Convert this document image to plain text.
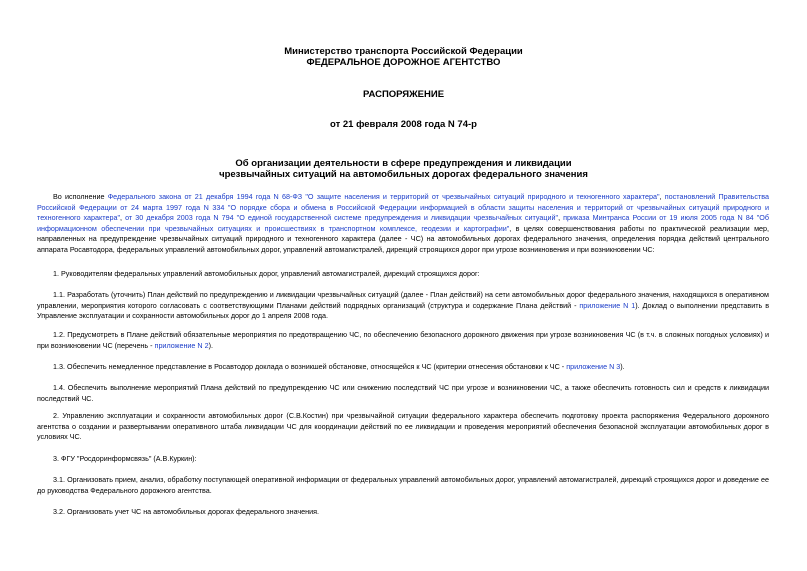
Министерство транспорта Российской Федерации
ФЕДЕРАЛЬНОЕ ДОРОЖНОЕ АГЕНТСТВО
РАСПОРЯЖЕНИЕ
от 21 февраля 2008 года N 74-р
Об организации деятельности в сфере предупреждения и ликвидации
чрезвычайных ситуаций на автомобильных дорогах федерального значения
Во исполнение Федерального закона от 21 декабря 1994 года N 68-ФЗ "О защите населения и территорий от чрезвычайных ситуаций природного и техногенного характера", постановлений Правительства Российской Федерации от 24 марта 1997 года N 334 "О порядке сбора и обмена в Российской Федерации информацией в области защиты населения и территорий от чрезвычайных ситуаций природного и техногенного характера", от 30 декабря 2003 года N 794 "О единой государственной системе предупреждения и ликвидации чрезвычайных ситуаций", приказа Минтранса России от 19 июля 2005 года N 84 "Об информационном обеспечении при чрезвычайных ситуациях и происшествиях в транспортном комплексе, геодезии и картографии", в целях совершенствования работы по практической реализации мер, направленных на предупреждение чрезвычайных ситуаций природного и техногенного характера (далее - ЧС) на автомобильных дорогах федерального значения, определения порядка действий центрального аппарата Росавтодора, федеральных управлений автомобильных дорог, управлений автомагистралей, дирекций строящихся дорог при угрозе возникновения и при возникновении ЧС:
1. Руководителям федеральных управлений автомобильных дорог, управлений автомагистралей, дирекций строящихся дорог:
1.1. Разработать (уточнить) План действий по предупреждению и ликвидации чрезвычайных ситуаций (далее - План действий) на сети автомобильных дорог федерального значения, находящихся в оперативном управлении, мероприятия которого согласовать с соответствующими Планами действий подрядных организаций (структура и содержание Плана действий - приложение N 1). Доклад о выполнении представить в Управление эксплуатации и сохранности автомобильных дорог до 1 апреля 2008 года.
1.2. Предусмотреть в Плане действий обязательные мероприятия по предотвращению ЧС, по обеспечению безопасного дорожного движения при угрозе возникновения ЧС (в т.ч. в сложных погодных условиях) и при возникновении ЧС (перечень - приложение N 2).
1.3. Обеспечить немедленное представление в Росавтодор доклада о возникшей обстановке, относящейся к ЧС (критерии отнесения обстановки к ЧС - приложение N 3).
1.4. Обеспечить выполнение мероприятий Плана действий по предупреждению ЧС или снижению последствий ЧС при угрозе и возникновении ЧС, а также обеспечить готовность сил и средств к ликвидации последствий ЧС.
2. Управлению эксплуатации и сохранности автомобильных дорог (С.В.Костин) при чрезвычайной ситуации федерального характера обеспечить подготовку проекта распоряжения Федерального дорожного агентства о создании и развертывании оперативного штаба ликвидации ЧС для координации действий по ее ликвидации и проведения мероприятий обеспечения безопасной эксплуатации автомобильных дорог в условиях ЧС.
3. ФГУ "Росдоринформсвязь" (А.В.Куркин):
3.1. Организовать прием, анализ, обработку поступающей оперативной информации от федеральных управлений автомобильных дорог, управлений автомагистралей, дирекций строящихся дорог и доведение ее до руководства Федерального дорожного агентства.
3.2. Организовать учет ЧС на автомобильных дорогах федерального значения.
